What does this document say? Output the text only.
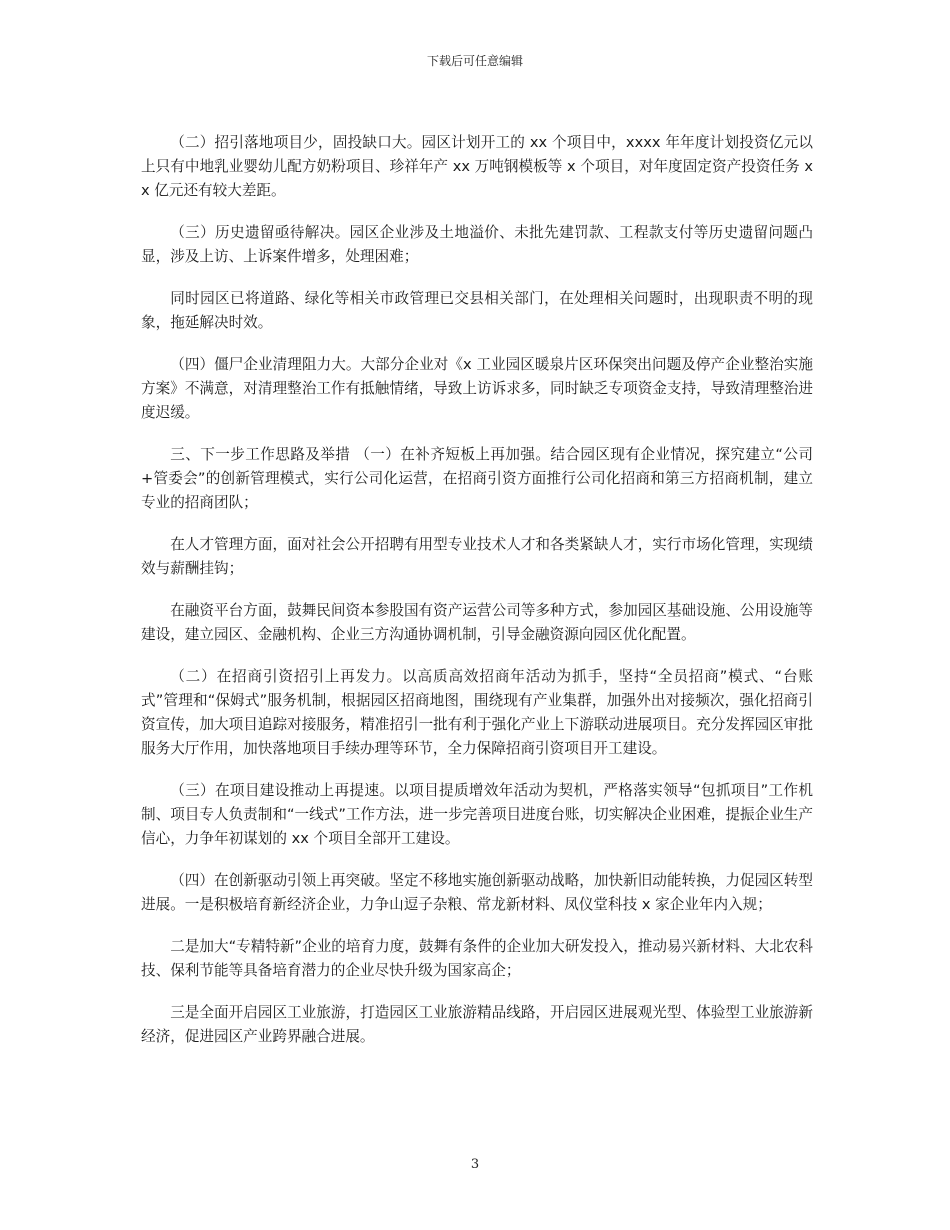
下载后可任意编辑

（二）招引落地项目少，固投缺口大。园区计划开工的 xx 个项目中，xxxx 年年度计划投资亿元以上只有中地乳业婴幼儿配方奶粉项目、珍祥年产 xx 万吨钢模板等 x 个项目，对年度固定资产投资任务 xx 亿元还有较大差距。

（三）历史遗留亟待解决。园区企业涉及土地溢价、未批先建罚款、工程款支付等历史遗留问题凸显，涉及上访、上诉案件增多，处理困难；

同时园区已将道路、绿化等相关市政管理已交县相关部门，在处理相关问题时，出现职责不明的现象，拖延解决时效。

（四）僵尸企业清理阻力大。大部分企业对《x 工业园区暖泉片区环保突出问题及停产企业整治实施方案》不满意，对清理整治工作有抵触情绪，导致上访诉求多，同时缺乏专项资金支持，导致清理整治进度迟缓。

三、下一步工作思路及举措 （一）在补齐短板上再加强。结合园区现有企业情况，探究建立“公司+管委会”的创新管理模式，实行公司化运营，在招商引资方面推行公司化招商和第三方招商机制，建立专业的招商团队；

在人才管理方面，面对社会公开招聘有用型专业技术人才和各类紧缺人才，实行市场化管理，实现绩效与薪酬挂钩；

在融资平台方面，鼓舞民间资本参股国有资产运营公司等多种方式，参加园区基础设施、公用设施等建设，建立园区、金融机构、企业三方沟通协调机制，引导金融资源向园区优化配置。

（二）在招商引资招引上再发力。以高质高效招商年活动为抓手，坚持“全员招商”模式、“台账式”管理和“保姆式”服务机制，根据园区招商地图，围绕现有产业集群，加强外出对接频次，强化招商引资宣传，加大项目追踪对接服务，精准招引一批有利于强化产业上下游联动进展项目。充分发挥园区审批服务大厅作用，加快落地项目手续办理等环节，全力保障招商引资项目开工建设。

（三）在项目建设推动上再提速。以项目提质增效年活动为契机，严格落实领导“包抓项目”工作机制、项目专人负责制和“一线式”工作方法，进一步完善项目进度台账，切实解决企业困难，提振企业生产信心，力争年初谋划的 xx 个项目全部开工建设。

（四）在创新驱动引领上再突破。坚定不移地实施创新驱动战略，加快新旧动能转换，力促园区转型进展。一是积极培育新经济企业，力争山逗子杂粮、常龙新材料、凤仪堂科技 x 家企业年内入规；

二是加大“专精特新”企业的培育力度，鼓舞有条件的企业加大研发投入，推动易兴新材料、大北农科技、保利节能等具备培育潜力的企业尽快升级为国家高企；

三是全面开启园区工业旅游，打造园区工业旅游精品线路，开启园区进展观光型、体验型工业旅游新经济，促进园区产业跨界融合进展。

3
